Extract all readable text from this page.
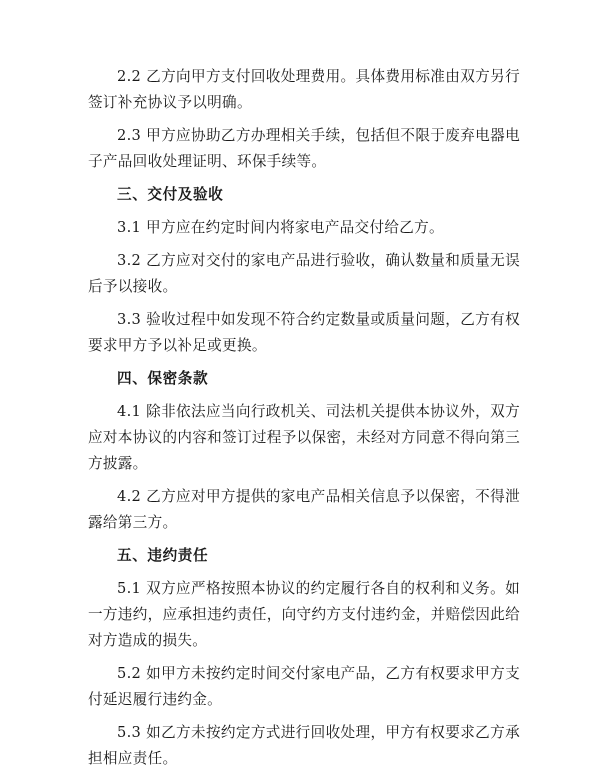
2.2 乙方向甲方支付回收处理费用。具体费用标准由双方另行签订补充协议予以明确。

2.3 甲方应协助乙方办理相关手续，包括但不限于废弃电器电子产品回收处理证明、环保手续等。

三、交付及验收

3.1 甲方应在约定时间内将家电产品交付给乙方。

3.2 乙方应对交付的家电产品进行验收，确认数量和质量无误后予以接收。

3.3 验收过程中如发现不符合约定数量或质量问题，乙方有权要求甲方予以补足或更换。

四、保密条款

4.1 除非依法应当向行政机关、司法机关提供本协议外，双方应对本协议的内容和签订过程予以保密，未经对方同意不得向第三方披露。

4.2 乙方应对甲方提供的家电产品相关信息予以保密，不得泄露给第三方。

五、违约责任

5.1 双方应严格按照本协议的约定履行各自的权利和义务。如一方违约，应承担违约责任，向守约方支付违约金，并赔偿因此给对方造成的损失。

5.2 如甲方未按约定时间交付家电产品，乙方有权要求甲方支付延迟履行违约金。

5.3 如乙方未按约定方式进行回收处理，甲方有权要求乙方承担相应责任。
